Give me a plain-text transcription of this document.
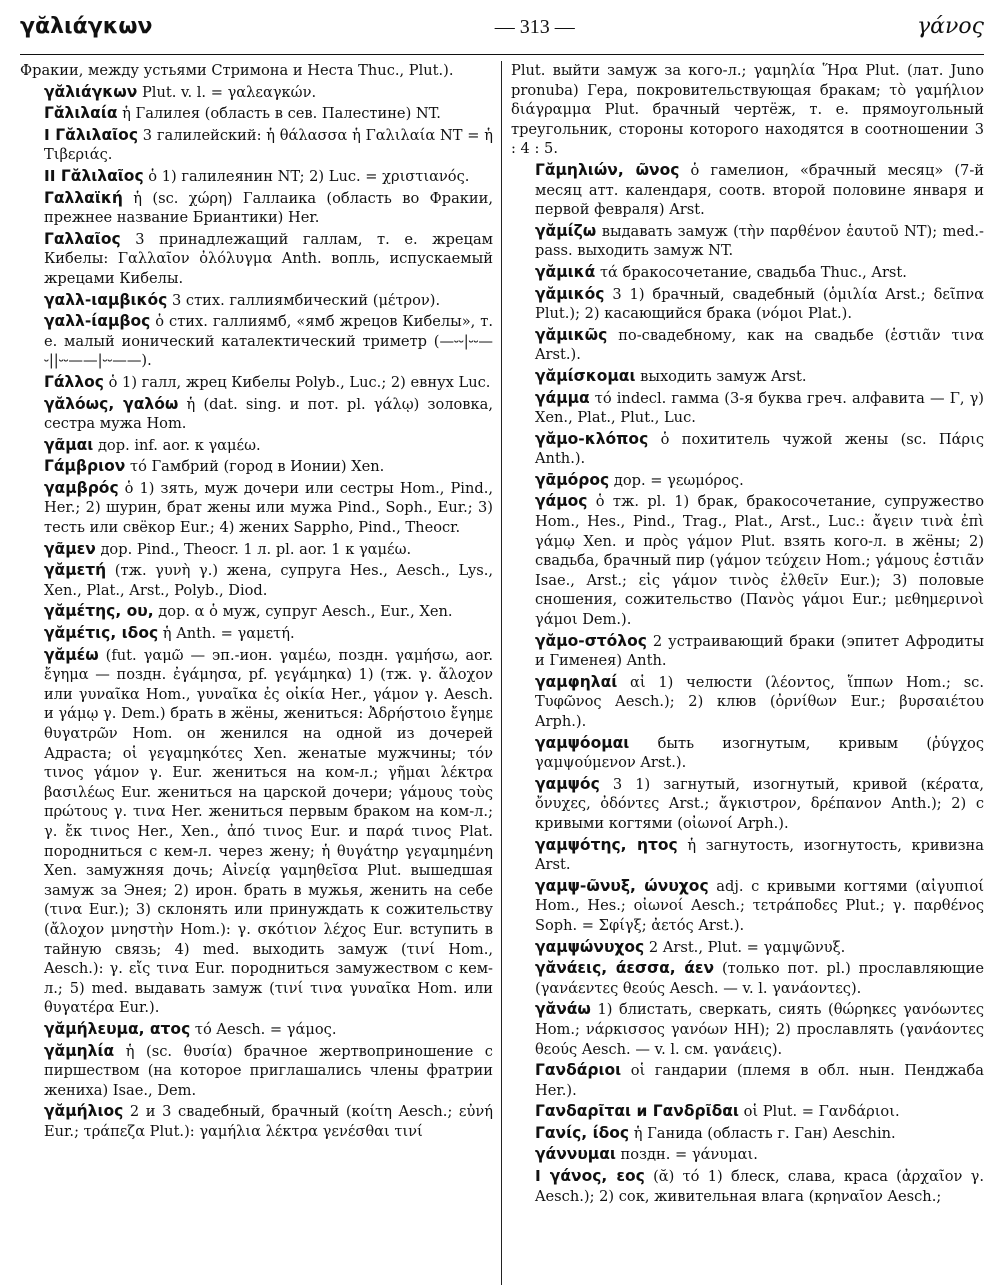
γᾰλιάγκων	— 313 —	γάνος

Фракии, между устьями Стримона и Неста Thuc., Plut.).

γᾰλιάγκων Plut. v. l. = γαλεαγκών.

Γᾰλιλαία ἡ Галилея (область в сев. Палестине) NT.

I Γᾰλιλαῖος 3 галилейский: ἡ θάλασσα ἡ Γαλιλαία NT = ἡ Τιβεριάς.

II Γᾰλιλαῖος ὁ 1) галилеянин NT; 2) Luc. = χριστιανός.

Γαλλαϊκή ἡ (sc. χώρη) Галлаика (область во Фракии, прежнее название Бриантики) Her.

Γαλλαῖος 3 принадлежащий галлам, т. е. жрецам Кибелы: Γαλλαῖον ὀλόλυγμα Anth. вопль, испускаемый жрецами Кибелы.

γαλλ-ιαμβικός 3 стих. галлиямбический (μέτρον).

γαλλ-ίαμβος ὁ стих. галлиямб, «ямб жрецов Кибелы», т. е. малый ионический каталектический триметр (—⏑⏑|⏑⏑—⏑||⏑⏑——|⏑⏑——).

Γάλλος ὁ 1) галл, жрец Кибелы Polyb., Luc.; 2) евнух Luc.

γᾰλόως, γαλόω ἡ (dat. sing. и пот. pl. γάλῳ) золовка, сестра мужа Hom.

γᾶμαι дор. inf. aor. к γαμέω.

Γάμβριον τό Гамбрий (город в Ионии) Xen.

γαμβρός ὁ 1) зять, муж дочери или сестры Hom., Pind., Her.; 2) шурин, брат жены или мужа Pind., Soph., Eur.; 3) тесть или свёкор Eur.; 4) жених Sappho, Pind., Theocr.

γᾶμεν дор. Pind., Theocr. 1 л. pl. aor. 1 к γαμέω.

γᾰμετή (тж. γυνὴ γ.) жена, супруга Hes., Aesch., Lys., Xen., Plat., Arst., Polyb., Diod.

γᾰμέτης, ου, дор. α ὁ муж, супруг Aesch., Eur., Xen.

γᾰμέτις, ιδος ἡ Anth. = γαμετή.

γᾰμέω (fut. γαμῶ — эп.-ион. γαμέω, поздн. γαμήσω, aor. ἔγημα — поздн. ἐγάμησα, pf. γεγάμηκα) 1) (тж. γ. ἄλοχον или γυναῖκα Hom., γυναῖκα ἐς οἰκία Her., γάμον γ. Aesch. и γάμῳ γ. Dem.) брать в жёны, жениться: Ἀδρήστοιο ἔγημε θυγατρῶν Hom. он женился на одной из дочерей Адраста; οἱ γεγαμηκότες Xen. женатые мужчины; τόν τινος γάμον γ. Eur. жениться на ком-л.; γῆμαι λέκτρα βασιλέως Eur. жениться на царской дочери; γάμους τοὺς πρώτους γ. τινα Her. жениться первым браком на ком-л.; γ. ἔκ τινος Her., Xen., ἀπό τινος Eur. и παρά τινος Plat. породниться с кем-л. через жену; ἡ θυγάτηρ γεγαμημένη Xen. замужняя дочь; Αἰνείᾳ γαμηθεῖσα Plut. вышедшая замуж за Энея; 2) ирон. брать в мужья, женить на себе (τινα Eur.); 3) склонять или принуждать к сожительству (ἄλοχον μνηστὴν Hom.): γ. σκότιον λέχος Eur. вступить в тайную связь; 4) med. выходить замуж (τινί Hom., Aesch.): γ. εἴς τινα Eur. породниться замужеством с кем-л.; 5) med. выдавать замуж (τινί τινα γυναῖκα Hom. или θυγατέρα Eur.).

γᾰμήλευμα, ατος τό Aesch. = γάμος.

γᾰμηλία ἡ (sc. θυσία) брачное жертвоприношение с пиршеством (на которое приглашались члены фратрии жениха) Isae., Dem.

γᾰμήλιος 2 и 3 свадебный, брачный (κοίτη Aesch.; εὐνή Eur.; τράπεζα Plut.): γαμήλια λέκτρα γενέσθαι τινί

Plut. выйти замуж за кого-л.; γαμηλία Ἥρα Plut. (лат. Juno pronuba) Гера, покровительствующая бракам; τὸ γαμήλιον διάγραμμα Plut. брачный чертёж, т. е. прямоугольный треугольник, стороны которого находятся в соотношении 3 : 4 : 5.

Γᾰμηλιών, ῶνος ὁ гамелион, «брачный месяц» (7-й месяц атт. календаря, соотв. второй половине января и первой февраля) Arst.

γᾰμίζω выдавать замуж (τὴν παρθένον ἑαυτοῦ NT); med.-pass. выходить замуж NT.

γᾰμικά τά бракосочетание, свадьба Thuc., Arst.

γᾰμικός 3 1) брачный, свадебный (ὁμιλία Arst.; δεῖπνα Plut.); 2) касающийся брака (νόμοι Plat.).

γᾰμικῶς по-свадебному, как на свадьбе (ἑστιᾶν τινα Arst.).

γᾰμίσκομαι выходить замуж Arst.

γάμμα τό indecl. гамма (3-я буква греч. алфавита — Γ, γ) Xen., Plat., Plut., Luc.

γᾰμο-κλόπος ὁ похититель чужой жены (sc. Πάρις Anth.).

γᾱμόρος дор. = γεωμόρος.

γάμος ὁ тж. pl. 1) брак, бракосочетание, супружество Hom., Hes., Pind., Trag., Plat., Arst., Luc.: ἄγειν τινὰ ἐπὶ γάμῳ Xen. и πρὸς γάμον Plut. взять кого-л. в жёны; 2) свадьба, брачный пир (γάμον τεύχειν Hom.; γάμους ἑστιᾶν Isae., Arst.; εἰς γάμον τινὸς ἐλθεῖν Eur.); 3) половые сношения, сожительство (Πανὸς γάμοι Eur.; μεθημερινοὶ γάμοι Dem.).

γᾰμο-στόλος 2 устраивающий браки (эпитет Афродиты и Гименея) Anth.

γαμφηλαί αἱ 1) челюсти (λέοντος, ἵππων Hom.; sc. Τυφῶνος Aesch.); 2) клюв (ὀρνίθων Eur.; βυρσαιέτου Arph.).

γαμψόομαι быть изогнутым, кривым (ῥύγχος γαμψούμενον Arst.).

γαμψός 3 1) загнутый, изогнутый, кривой (κέρατα, ὄνυχες, ὀδόντες Arst.; ἄγκιστρον, δρέπανον Anth.); 2) с кривыми когтями (οἰωνοί Arph.).

γαμψότης, ητος ἡ загнутость, изогнутость, кривизна Arst.

γαμψ-ῶνυξ, ώνυχος adj. с кривыми когтями (αἰγυπιοί Hom., Hes.; οἰωνοί Aesch.; τετράποδες Plut.; γ. παρθένος Soph. = Σφίγξ; ἀετός Arst.).

γαμψώνυχος 2 Arst., Plut. = γαμψῶνυξ.

γᾰνάεις, άεσσα, άεν (только пот. pl.) прославляющие (γανάεντες θεούς Aesch. — v. l. γανάοντες).

γᾰνάω 1) блистать, сверкать, сиять (θώρηκες γανόωντες Hom.; νάρκισσος γανόων HH); 2) прославлять (γανάοντες θεούς Aesch. — v. l. см. γανάεις).

Γανδάριοι οἱ гандарии (племя в обл. нын. Пенджаба Her.).

Γανδαρῖται и Γανδρῖδαι οἱ Plut. = Γανδάριοι.

Γανίς, ίδος ἡ Ганида (область г. Ган) Aeschin.

γάννυμαι поздн. = γάνυμαι.

I γάνος, εος (ᾰ) τό 1) блеск, слава, краса (ἀρχαῖον γ. Aesch.); 2) сок, живительная влага (κρηναῖον Aesch.;
